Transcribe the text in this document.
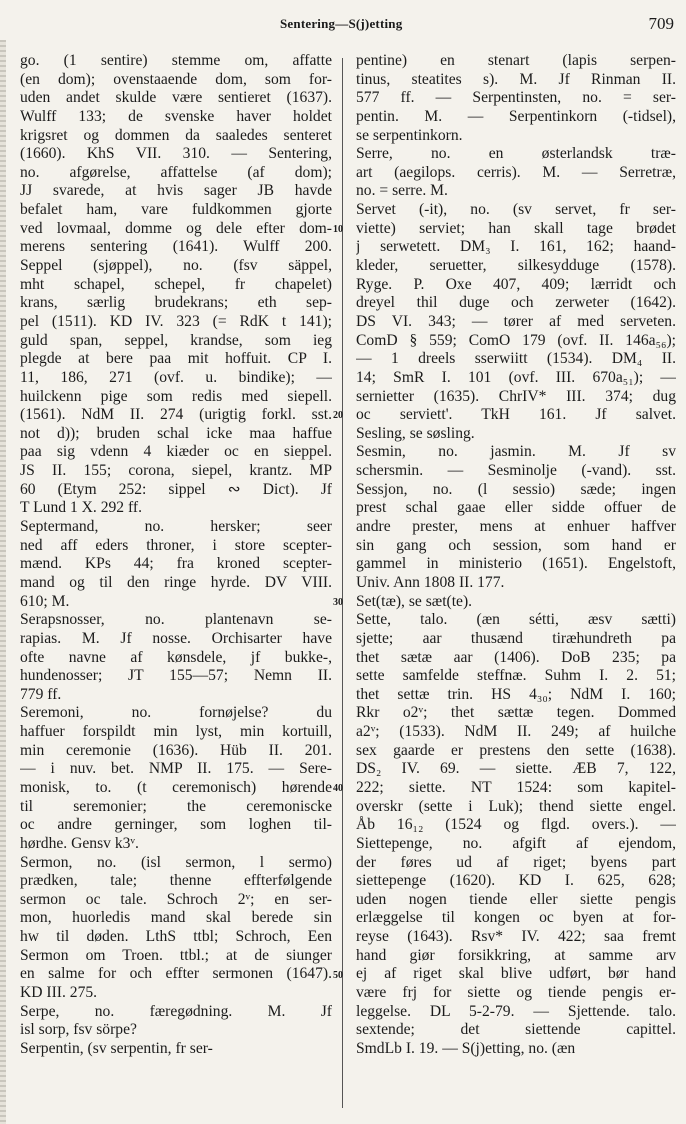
Sentering—S(j)etting	709
go. (1 sentire) stemme om, affatte
(en dom); ovenstaaende dom, som for-
uden andet skulde være sentieret (1637).
Wulff 133; de svenske haver holdet
krigsret og dommen da saaledes senteret
(1660). KhS VII. 310. — Sentering,
no. afgørelse, affattelse (af dom);
JJ svarede, at hvis sager JB havde
befalet ham, vare fuldkommen gjorte
ved lovmaal, domme og dele efter dom-
merens sentering (1641). Wulff 200.
Seppel (sjøppel), no. (fsv säppel,
mht schapel, schepel, fr chapelet)
krans, særlig brudekrans; eth sep-
pel (1511). KD IV. 323 (= RdK t 141);
guld span, seppel, krandse, som ieg
plegde at bere paa mit hoffuit. CP I.
11, 186, 271 (ovf. u. bindike); —
huilckenn pige som redis med siepell.
(1561). NdM II. 274 (urigtig forkl. sst.
not d)); bruden schal icke maa haffue
paa sig vdenn 4 kiæder oc en sieppel.
JS II. 155; corona, siepel, krantz. MP
60 (Etym 252: sippel ∾ Dict). Jf
T Lund 1 X. 292 ff.
Septermand, no. hersker; seer
ned aff eders throner, i store scepter-
mænd. KPs 44; fra kroned scepter-
mand og til den ringe hyrde. DV VIII.
610; M.
Serapsnosser, no. plantenavn se-
rapias. M. Jf nosse. Orchisarter have
ofte navne af kønsdele, jf bukke-,
hundenosser; JT 155—57; Nemn II.
779 ff.
Seremoni, no. fornøjelse? du
haffuer forspildt min lyst, min kortuill,
min ceremonie (1636). Hüb II. 201.
— i nuv. bet. NMP II. 175. — Sere-
monisk, to. (t ceremonisch) hørende
til seremonier; the ceremoniscke
oc andre gerninger, som loghen til-
hørdhe. Gensv k3ᵛ.
Sermon, no. (isl sermon, l sermo)
prædken, tale; thenne effterfølgende
sermon oc tale. Schroch 2ᵛ; en ser-
mon, huorledis mand skal berede sin
hw til døden. LthS ttbl; Schroch, Een
Sermon om Troen. ttbl.; at de siunger
en salme for och effter sermonen (1647).
KD III. 275.
Serpe, no. færegødning. M. Jf
isl sorp, fsv sörpe?
Serpentin, (sv serpentin, fr ser-
10
20
30
40
50
pentine) en stenart (lapis serpen-
tinus, steatites s). M. Jf Rinman II.
577 ff. — Serpentinsten, no. = ser-
pentin. M. — Serpentinkorn (-tidsel),
se serpentinkorn.
Serre, no. en østerlandsk træ-
art (aegilops. cerris). M. — Serretræ,
no. = serre. M.
Servet (-it), no. (sv servet, fr ser-
viette) serviet; han skall tage brødet
j serwetett. DM₃ I. 161, 162; haand-
kleder, seruetter, silkesydduge (1578).
Ryge. P. Oxe 407, 409; lærridt och
dreyel thil duge och zerweter (1642).
DS VI. 343; — tører af med serveten.
ComD § 559; ComO 179 (ovf. II. 146a₅₆);
— 1 dreels sserwiitt (1534). DM₄ II.
14; SmR I. 101 (ovf. III. 670a₅₁); —
sernietter (1635). ChrIV* III. 374; dug
oc serviett'. TkH 161. Jf salvet.
Sesling, se søsling.
Sesmin, no. jasmin. M. Jf sv
schersmin. — Sesminolje (-vand). sst.
Sessjon, no. (l sessio) sæde; ingen
prest schal gaae eller sidde offuer de
andre prester, mens at enhuer haffver
sin gang och session, som hand er
gammel in ministerio (1651). Engelstoft,
Univ. Ann 1808 II. 177.
Set(tæ), se sæt(te).
Sette, talo. (æn sétti, æsv sætti)
sjette; aar thusænd tiræhundreth pa
thet sætæ aar (1406). DoB 235; pa
sette samfelde steffnæ. Suhm I. 2. 51;
thet settæ trin. HS 4₃₀; NdM I. 160;
Rkr o2ᵛ; thet sættæ tegen. Dommed
a2ᵛ; (1533). NdM II. 249; af huilche
sex gaarde er prestens den sette (1638).
DS₂ IV. 69. — siette. ÆB 7, 122,
222; siette. NT 1524: som kapitel-
overskr (sette i Luk); thend siette engel.
Åb 16₁₂ (1524 og flgd. overs.). —
Siettepenge, no. afgift af ejendom,
der føres ud af riget; byens part
siettepenge (1620). KD I. 625, 628;
uden nogen tiende eller siette pengis
erlæggelse til kongen oc byen at for-
reyse (1643). Rsv* IV. 422; saa fremt
hand giør forsikkring, at samme arv
ej af riget skal blive udført, bør hand
være frj for siette og tiende pengis er-
leggelse. DL 5-2-79. — Sjettende. talo.
sextende; det siettende capittel.
SmdLb I. 19. — S(j)etting, no. (æn
